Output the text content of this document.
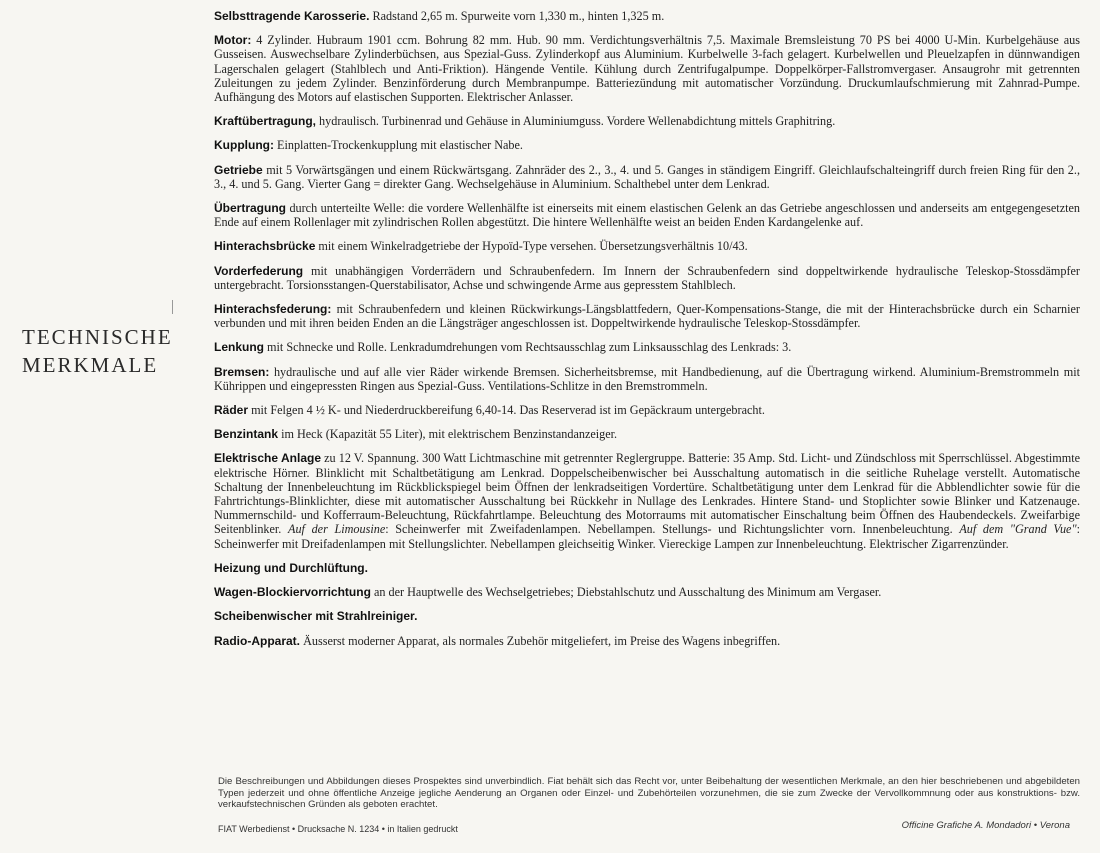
TECHNISCHE
MERKMALE

Selbsttragende Karosserie. Radstand 2,65 m. Spurweite vorn 1,330 m., hinten 1,325 m.

Motor: 4 Zylinder. Hubraum 1901 ccm. Bohrung 82 mm. Hub. 90 mm. Verdichtungsverhältnis 7,5. Maximale Bremsleistung 70 PS bei 4000 U-Min. Kurbelgehäuse aus Gusseisen. Auswechselbare Zylinderbüchsen, aus Spezial-Guss. Zylinderkopf aus Aluminium. Kurbelwelle 3-fach gelagert. Kurbelwellen und Pleuelzapfen in dünnwandigen Lagerschalen gelagert (Stahlblech und Anti-Friktion). Hängende Ventile. Kühlung durch Zentrifugalpumpe. Doppelkörper-Fallstromvergaser. Ansaugrohr mit getrennten Zuleitungen zu jedem Zylinder. Benzinförderung durch Membranpumpe. Batteriezündung mit automatischer Vorzündung. Druckumlaufschmierung mit Zahnrad-Pumpe. Aufhängung des Motors auf elastischen Supporten. Elektrischer Anlasser.

Kraftübertragung, hydraulisch. Turbinenrad und Gehäuse in Aluminiumguss. Vordere Wellenabdichtung mittels Graphitring.

Kupplung: Einplatten-Trockenkupplung mit elastischer Nabe.

Getriebe mit 5 Vorwärtsgängen und einem Rückwärtsgang. Zahnräder des 2., 3., 4. und 5. Ganges in ständigem Eingriff. Gleichlaufschalteingriff durch freien Ring für den 2., 3., 4. und 5. Gang. Vierter Gang = direkter Gang. Wechselgehäuse in Aluminium. Schalthebel unter dem Lenkrad.

Übertragung durch unterteilte Welle: die vordere Wellenhälfte ist einerseits mit einem elastischen Gelenk an das Getriebe angeschlossen und anderseits am entgegengesetzten Ende auf einem Rollenlager mit zylindrischen Rollen abgestützt. Die hintere Wellenhälfte weist an beiden Enden Kardangelenke auf.

Hinterachsbrücke mit einem Winkelradgetriebe der Hypoïd-Type versehen. Übersetzungsverhältnis 10/43.

Vorderfederung mit unabhängigen Vorderrädern und Schraubenfedern. Im Innern der Schraubenfedern sind doppeltwirkende hydraulische Teleskop-Stossdämpfer untergebracht. Torsionsstangen-Querstabilisator, Achse und schwingende Arme aus gepresstem Stahlblech.

Hinterachsfederung: mit Schraubenfedern und kleinen Rückwirkungs-Längsblattfedern, Quer-Kompensations-Stange, die mit der Hinterachsbrücke durch ein Scharnier verbunden und mit ihren beiden Enden an die Längsträger angeschlossen ist. Doppeltwirkende hydraulische Teleskop-Stossdämpfer.

Lenkung mit Schnecke und Rolle. Lenkradumdrehungen vom Rechtsausschlag zum Linksausschlag des Lenkrads: 3.

Bremsen: hydraulische und auf alle vier Räder wirkende Bremsen. Sicherheitsbremse, mit Handbedienung, auf die Übertragung wirkend. Aluminium-Bremstrommeln mit Kührippen und eingepressten Ringen aus Spezial-Guss. Ventilations-Schlitze in den Bremstrommeln.

Räder mit Felgen 4 ½ K- und Niederdruckbereifung 6,40-14. Das Reserverad ist im Gepäckraum untergebracht.

Benzintank im Heck (Kapazität 55 Liter), mit elektrischem Benzinstandanzeiger.

Elektrische Anlage zu 12 V. Spannung. 300 Watt Lichtmaschine mit getrennter Reglergruppe. Batterie: 35 Amp. Std. Licht- und Zündschloss mit Sperrschlüssel. Abgestimmte elektrische Hörner. Blinklicht mit Schaltbetätigung am Lenkrad. Doppelscheibenwischer bei Ausschaltung automatisch in die seitliche Ruhelage verstellt. Automatische Schaltung der Innenbeleuchtung im Rückblickspiegel beim Öffnen der lenkradseitigen Vordertüre. Schaltbetätigung unter dem Lenkrad für die Abblendlichter sowie für die Fahrtrichtungs-Blinklichter, diese mit automatischer Ausschaltung bei Rückkehr in Nullage des Lenkrades. Hintere Stand- und Stoplichter sowie Blinker und Katzenauge. Nummernschild- und Kofferraum-Beleuchtung, Rückfahrtlampe. Beleuchtung des Motorraums mit automatischer Einschaltung beim Öffnen des Haubendeckels. Zweifarbige Seitenblinker. Auf der Limousine: Scheinwerfer mit Zweifadenlampen. Nebellampen. Stellungs- und Richtungslichter vorn. Innenbeleuchtung. Auf dem "Grand Vue": Scheinwerfer mit Dreifadenlampen mit Stellungslichter. Nebellampen gleichseitig Winker. Viereckige Lampen zur Innenbeleuchtung. Elektrischer Zigarrenzünder.

Heizung und Durchlüftung.

Wagen-Blockiervorrichtung an der Hauptwelle des Wechselgetriebes; Diebstahlschutz und Ausschaltung des Minimum am Vergaser.

Scheibenwischer mit Strahlreiniger.

Radio-Apparat. Äusserst moderner Apparat, als normales Zubehör mitgeliefert, im Preise des Wagens inbegriffen.

Die Beschreibungen und Abbildungen dieses Prospektes sind unverbindlich. Fiat behält sich das Recht vor, unter Beibehaltung der wesentlichen Merkmale, an den hier beschriebenen und abgebildeten Typen jederzeit und ohne öffentliche Anzeige jegliche Aenderung an Organen oder Einzel- und Zubehörteilen vorzunehmen, die sie zum Zwecke der Vervollkommnung oder aus konstruktions- bzw. verkaufstechnischen Gründen als geboten erachtet.
FIAT Werbedienst • Drucksache N. 1234 • in Italien gedruckt	Officine Grafiche A. Mondadori • Verona
